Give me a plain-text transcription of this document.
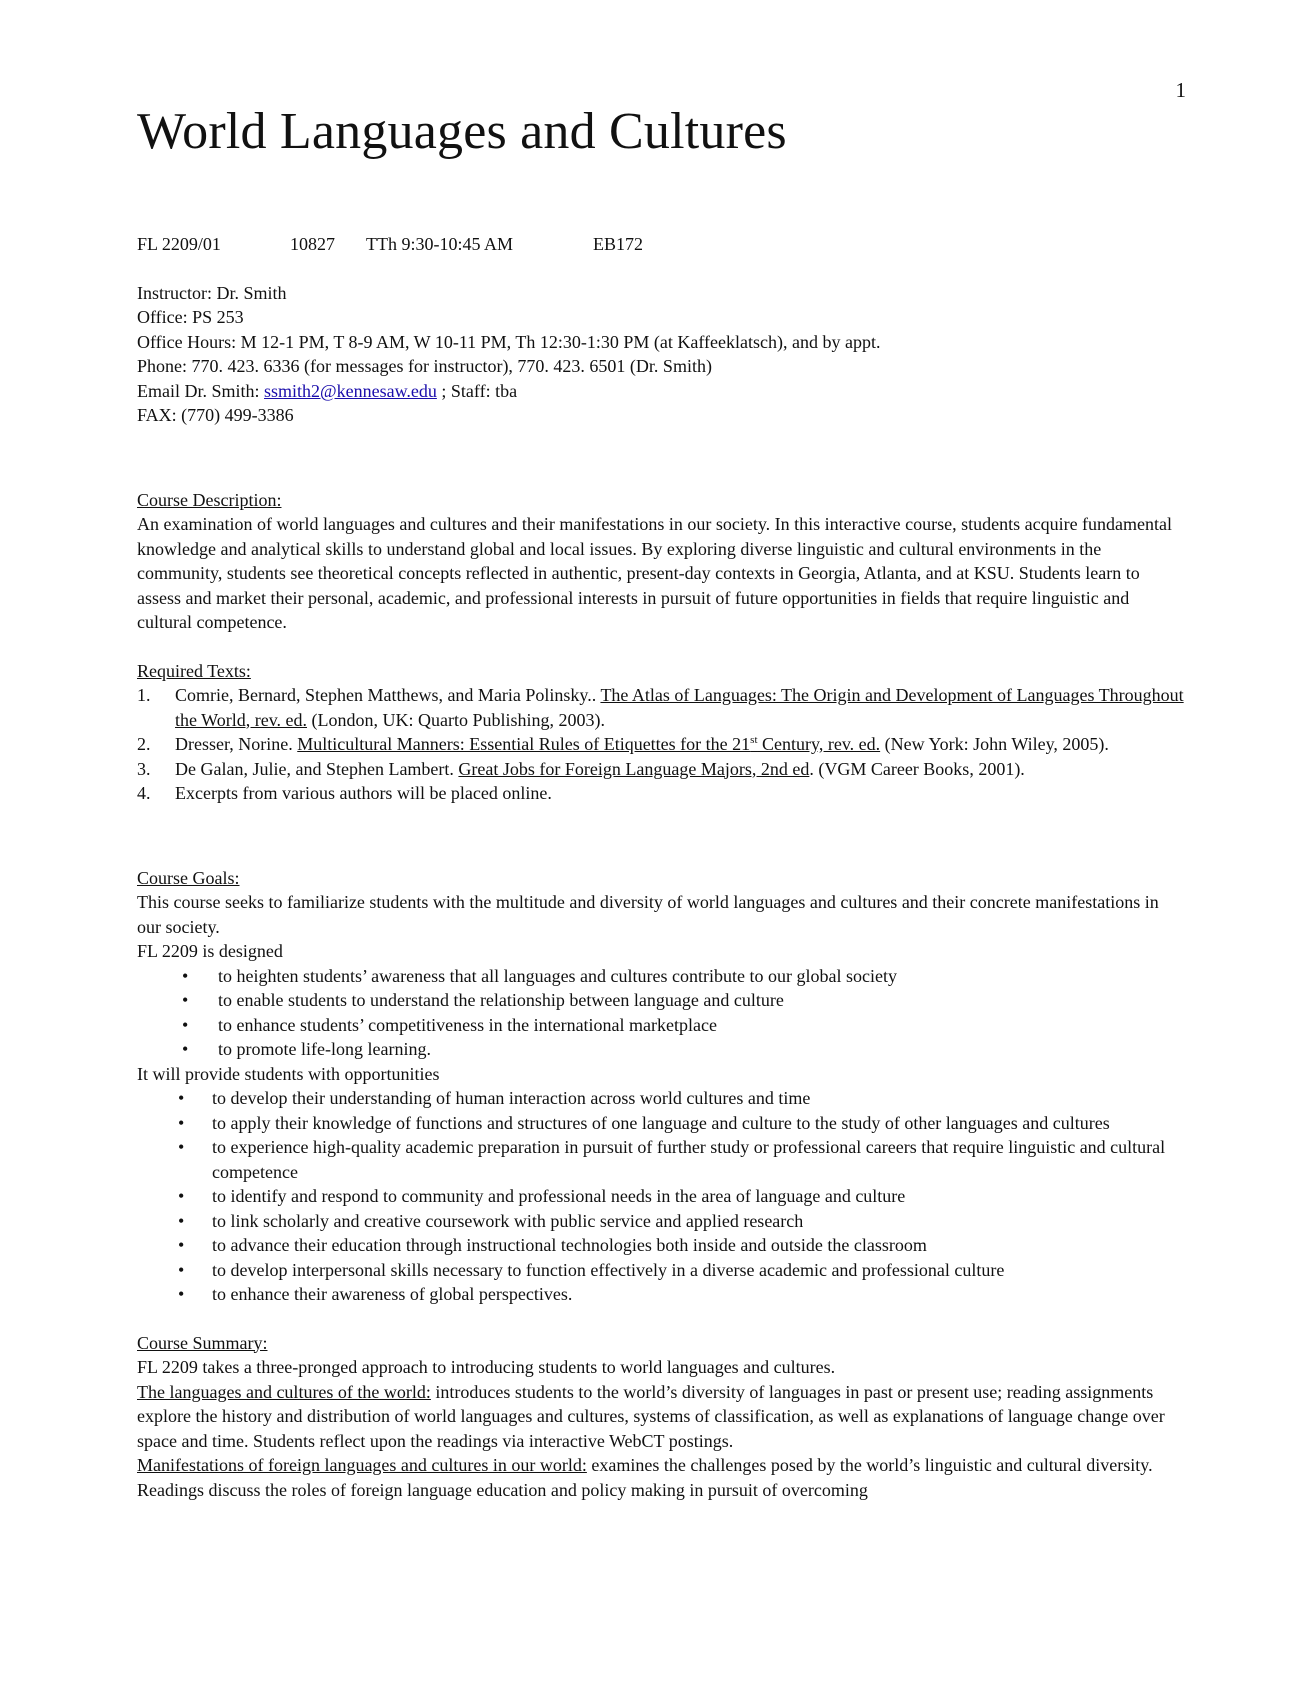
1
World Languages and Cultures
FL 2209/01	10827 TTh 9:30-10:45 AM	EB172
Instructor: Dr. Smith
Office: PS 253
Office Hours: M 12-1 PM, T 8-9 AM, W 10-11 PM, Th 12:30-1:30 PM (at Kaffeeklatsch), and by appt.
Phone: 770. 423. 6336 (for messages for instructor), 770. 423. 6501 (Dr. Smith)
Email Dr. Smith: ssmith2@kennesaw.edu ; Staff: tba
FAX: (770) 499-3386
Course Description:
An examination of world languages and cultures and their manifestations in our society. In this interactive course, students acquire fundamental knowledge and analytical skills to understand global and local issues. By exploring diverse linguistic and cultural environments in the community, students see theoretical concepts reflected in authentic, present-day contexts in Georgia, Atlanta, and at KSU. Students learn to assess and market their personal, academic, and professional interests in pursuit of future opportunities in fields that require linguistic and cultural competence.
Required Texts:
1. Comrie, Bernard, Stephen Matthews, and Maria Polinsky.. The Atlas of Languages: The Origin and Development of Languages Throughout the World, rev. ed. (London, UK: Quarto Publishing, 2003).
2. Dresser, Norine. Multicultural Manners: Essential Rules of Etiquettes for the 21st Century, rev. ed. (New York: John Wiley, 2005).
3. De Galan, Julie, and Stephen Lambert. Great Jobs for Foreign Language Majors, 2nd ed. (VGM Career Books, 2001).
4. Excerpts from various authors will be placed online.
Course Goals:
This course seeks to familiarize students with the multitude and diversity of world languages and cultures and their concrete manifestations in our society.
FL 2209 is designed
• to heighten students’ awareness that all languages and cultures contribute to our global society
• to enable students to understand the relationship between language and culture
• to enhance students’ competitiveness in the international marketplace
• to promote life-long learning.
It will provide students with opportunities
• to develop their understanding of human interaction across world cultures and time
• to apply their knowledge of functions and structures of one language and culture to the study of other languages and cultures
• to experience high-quality academic preparation in pursuit of further study or professional careers that require linguistic and cultural competence
• to identify and respond to community and professional needs in the area of language and culture
• to link scholarly and creative coursework with public service and applied research
• to advance their education through instructional technologies both inside and outside the classroom
• to develop interpersonal skills necessary to function effectively in a diverse academic and professional culture
• to enhance their awareness of global perspectives.
Course Summary:
FL 2209 takes a three-pronged approach to introducing students to world languages and cultures.
The languages and cultures of the world: introduces students to the world’s diversity of languages in past or present use; reading assignments explore the history and distribution of world languages and cultures, systems of classification, as well as explanations of language change over space and time. Students reflect upon the readings via interactive WebCT postings.
Manifestations of foreign languages and cultures in our world: examines the challenges posed by the world’s linguistic and cultural diversity. Readings discuss the roles of foreign language education and policy making in pursuit of overcoming
